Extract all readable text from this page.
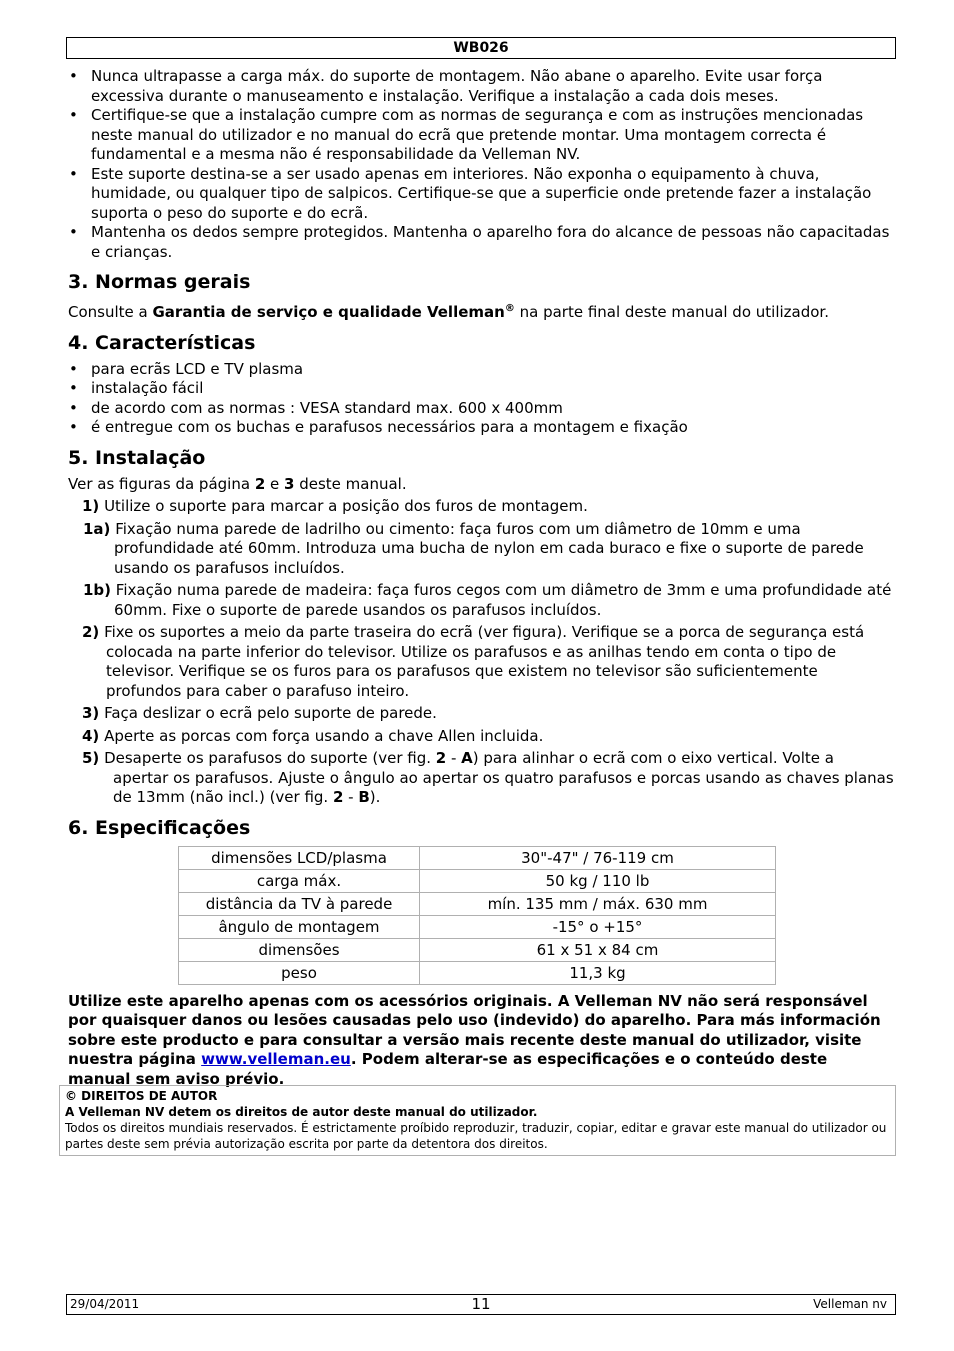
WB026
• Nunca ultrapasse a carga máx. do suporte de montagem. Não abane o aparelho. Evite usar força excessiva durante o manuseamento e instalação. Verifique a instalação a cada dois meses.
• Certifique-se que a instalação cumpre com as normas de segurança e com as instruções mencionadas neste manual do utilizador e no manual do ecrã que pretende montar. Uma montagem correcta é fundamental e a mesma não é responsabilidade da Velleman NV.
• Este suporte destina-se a ser usado apenas em interiores. Não exponha o equipamento à chuva, humidade, ou qualquer tipo de salpicos. Certifique-se que a superficie onde pretende fazer a instalação suporta o peso do suporte e do ecrã.
• Mantenha os dedos sempre protegidos. Mantenha o aparelho fora do alcance de pessoas não capacitadas e crianças.
3. Normas gerais

Consulte a Garantia de serviço e qualidade Velleman® na parte final deste manual do utilizador.

4. Características
• para ecrãs LCD e TV plasma
• instalação fácil
• de acordo com as normas : VESA standard max. 600 x 400mm
• é entregue com os buchas e parafusos necessários para a montagem e fixação
5. Instalação

Ver as figuras da página 2 e 3 deste manual.

1) Utilize o suporte para marcar a posição dos furos de montagem.
1a) Fixação numa parede de ladrilho ou cimento: faça furos com um diâmetro de 10mm e uma profundidade até 60mm. Introduza uma bucha de nylon em cada buraco e fixe o suporte de parede usando os parafusos incluídos.
1b) Fixação numa parede de madeira: faça furos cegos com um diâmetro de 3mm e uma profundidade até 60mm. Fixe o suporte de parede usandos os parafusos incluídos.
2) Fixe os suportes a meio da parte traseira do ecrã (ver figura). Verifique se a porca de segurança está colocada na parte inferior do televisor. Utilize os parafusos e as anilhas tendo em conta o tipo de televisor. Verifique se os furos para os parafusos que existem no televisor são suficientemente profundos para caber o parafuso inteiro.
3) Faça deslizar o ecrã pelo suporte de parede.
4) Aperte as porcas com força usando a chave Allen incluida.
5) Desaperte os parafusos do suporte (ver fig. 2 - A) para alinhar o ecrã com o eixo vertical. Volte a apertar os parafusos. Ajuste o ângulo ao apertar os quatro parafusos e porcas usando as chaves planas de 13mm (não incl.) (ver fig. 2 - B).
6. Especificações
dimensões LCD/plasma	30"-47" / 76-119 cm
carga máx.	50 kg / 110 lb
distância da TV à parede	mín. 135 mm / máx. 630 mm
ângulo de montagem	-15° o +15°
dimensões	61 x 51 x 84 cm
peso	11,3 kg

Utilize este aparelho apenas com os acessórios originais. A Velleman NV não será responsável por quaisquer danos ou lesões causadas pelo uso (indevido) do aparelho. Para más información sobre este producto e para consultar a versão mais recente deste manual do utilizador, visite nuestra página www.velleman.eu. Podem alterar-se as especificações e o conteúdo deste manual sem aviso prévio.

© DIREITOS DE AUTOR
A Velleman NV detem os direitos de autor deste manual do utilizador.
Todos os direitos mundiais reservados. É estrictamente proíbido reproduzir, traduzir, copiar, editar e gravar este manual do utilizador ou partes deste sem prévia autorização escrita por parte da detentora dos direitos.
29/04/2011	11	Velleman nv
